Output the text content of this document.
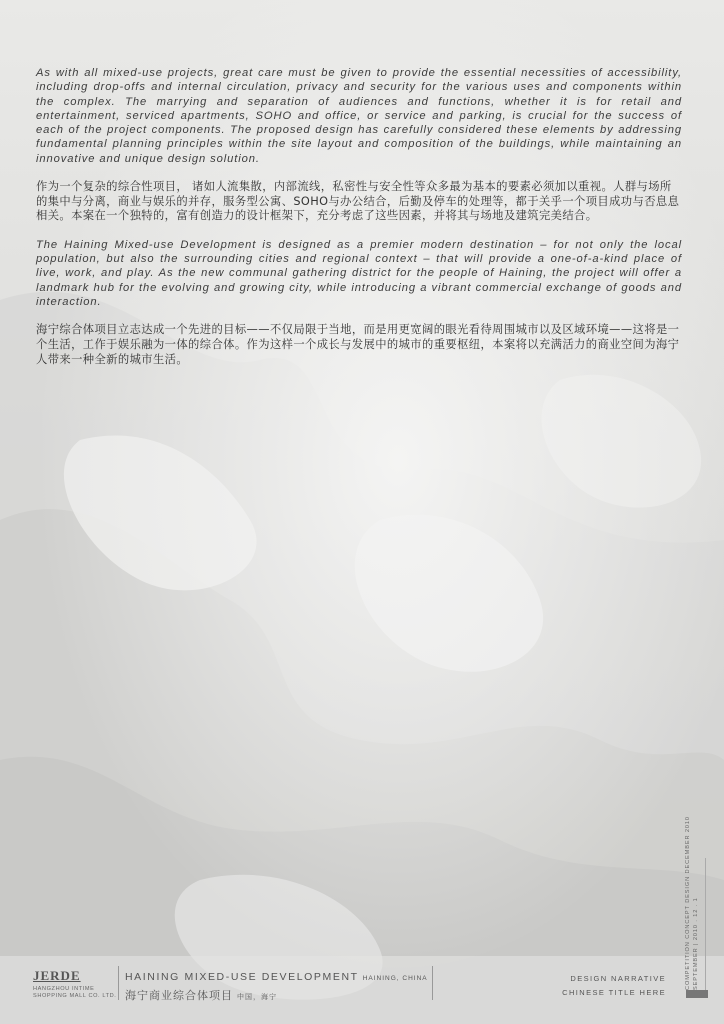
As with all mixed-use projects, great care must be given to provide the essential necessities of accessibility, including drop-offs and internal circulation, privacy and security for the various uses and components within the complex. The marrying and separation of audiences and functions, whether it is for retail and entertainment, serviced apartments, SOHO and office, or service and parking, is crucial for the success of each of the project components. The proposed design has carefully considered these elements by addressing fundamental planning principles within the site layout and composition of the buildings, while maintaining an innovative and unique design solution.

作为一个复杂的综合性项目， 诸如人流集散，内部流线，私密性与安全性等众多最为基本的要素必须加以重视。人群与场所的集中与分离，商业与娱乐的并存，服务型公寓、SOHO与办公结合，后勤及停车的处理等，都于关乎一个项目成功与否息息相关。本案在一个独特的，富有创造力的设计框架下，充分考虑了这些因素，并将其与场地及建筑完美结合。

The Haining Mixed-use Development is designed as a premier modern destination – for not only the local population, but also the surrounding cities and regional context – that will provide a one-of-a-kind place of live, work, and play. As the new communal gathering district for the people of Haining, the project will offer a landmark hub for the evolving and growing city, while introducing a vibrant commercial exchange of goods and interaction.

海宁综合体项目立志达成一个先进的目标——不仅局限于当地，而是用更宽阔的眼光看待周围城市以及区域环境——这将是一个生活，工作于娱乐融为一体的综合体。作为这样一个成长与发展中的城市的重要枢纽，本案将以充满活力的商业空间为海宁人带来一种全新的城市生活。

JERDE
HANGZHOU INTIME SHOPPING MALL CO. LTD.
HAINING MIXED-USE DEVELOPMENT HAINING, CHINA
海宁商业综合体项目 中国，海宁
DESIGN NARRATIVE
CHINESE TITLE HERE
COMPETITION CONCEPT DESIGN DECEMBER 2010 SEPTEMBER | 2010 . 12 . 1
